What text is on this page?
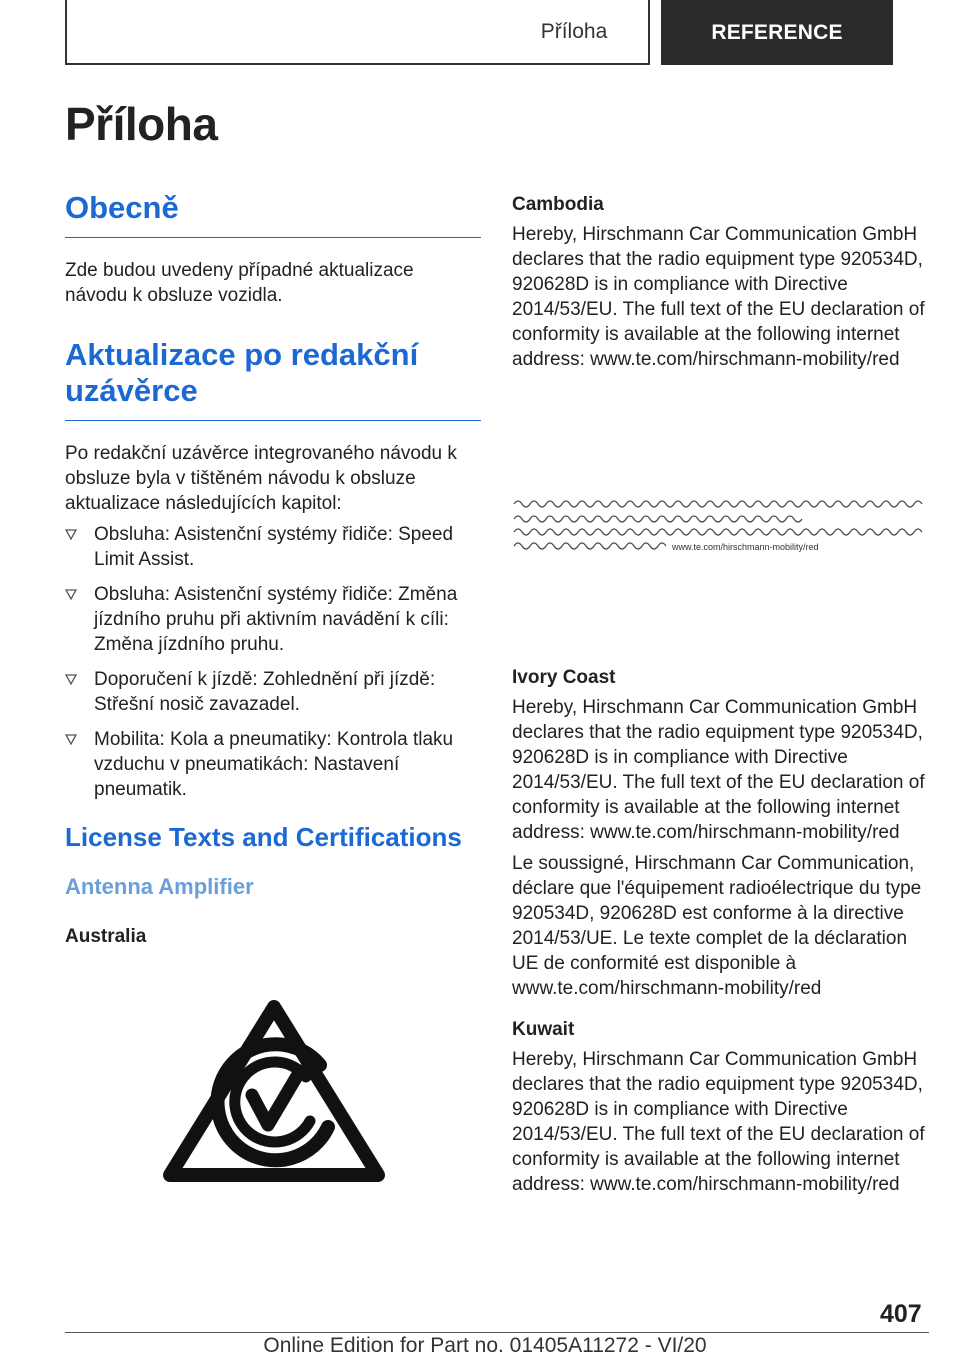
Příloha	REFERENCE
Příloha
Obecně

Zde budou uvedeny případné aktualizace návodu k obsluze vozidla.

Aktualizace po redakční uzávěrce

Po redakční uzávěrce integrovaného návodu k obsluze byla v tištěném návodu k obsluze aktualizace následujících kapitol:

Obsluha: Asistenční systémy řidiče: Speed Limit Assist.
Obsluha: Asistenční systémy řidiče: Změna jízdního pruhu při aktivním navádění k cíli: Změna jízdního pruhu.
Doporučení k jízdě: Zohlednění při jízdě: Střešní nosič zavazadel.
Mobilita: Kola a pneumatiky: Kontrola tlaku vzduchu v pneumatikách: Nastavení pneumatik.
License Texts and Certifications
Antenna Amplifier
Australia
Cambodia

Hereby, Hirschmann Car Communication GmbH declares that the radio equipment type 920534D, 920628D is in compliance with Directive 2014/53/EU. The full text of the EU declaration of conformity is available at the following internet address: www.te.com/hirschmann-mobility/red

www.te.com/hirschmann-mobility/red
Ivory Coast

Hereby, Hirschmann Car Communication GmbH declares that the radio equipment type 920534D, 920628D is in compliance with Directive 2014/53/EU. The full text of the EU declaration of conformity is available at the following internet address: www.te.com/hirschmann-mobility/red

Le soussigné, Hirschmann Car Communication, déclare que l'équipement radioélectrique du type 920534D, 920628D est conforme à la directive 2014/53/UE. Le texte complet de la déclaration UE de conformité est disponible à www.te.com/hirschmann-mobility/red

Kuwait

Hereby, Hirschmann Car Communication GmbH declares that the radio equipment type 920534D, 920628D is in compliance with Directive 2014/53/EU. The full text of the EU declaration of conformity is available at the following internet address: www.te.com/hirschmann-mobility/red

407
Online Edition for Part no. 01405A11272 - VI/20
